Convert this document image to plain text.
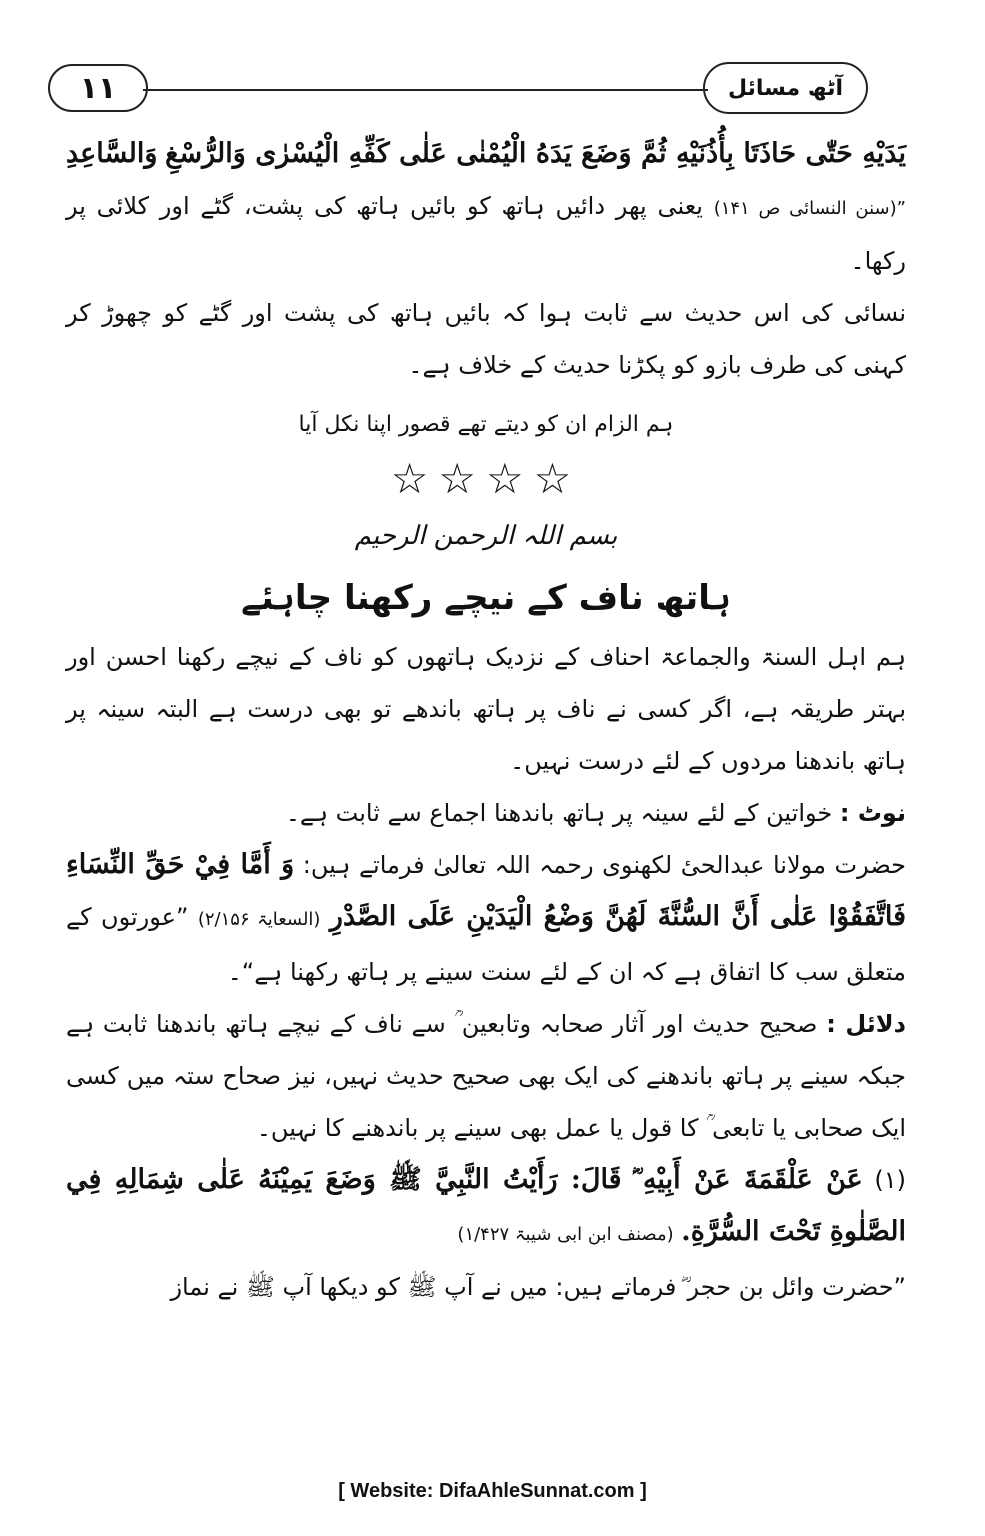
١١	آٹھ مسائل

يَدَيْهِ حَتّٰى حَاذَتَا بِأُذُنَيْهِ ثُمَّ وَضَعَ يَدَهُ الْيُمْنٰى عَلٰى كَفِّهِ الْيُسْرٰى وَالرُّسْغِ وَالسَّاعِدِ ”(سنن النسائی ص ۱۴۱) یعنی پھر دائیں ہاتھ کو بائیں ہاتھ کی پشت، گٹے اور کلائی پر رکھا۔

نسائی کی اس حدیث سے ثابت ہوا کہ بائیں ہاتھ کی پشت اور گٹے کو چھوڑ کر کہنی کی طرف بازو کو پکڑنا حدیث کے خلاف ہے۔

ہم الزام ان کو دیتے تھے قصور اپنا نکل آیا
☆☆☆☆
بسم اللہ الرحمن الرحیم
ہاتھ ناف کے نیچے رکھنا چاہئے

ہم اہل السنۃ والجماعۃ احناف کے نزدیک ہاتھوں کو ناف کے نیچے رکھنا احسن اور بہتر طریقہ ہے، اگر کسی نے ناف پر ہاتھ باندھے تو بھی درست ہے البتہ سینہ پر ہاتھ باندھنا مردوں کے لئے درست نہیں۔

نوٹ : خواتین کے لئے سینہ پر ہاتھ باندھنا اجماع سے ثابت ہے۔

حضرت مولانا عبدالحیٔ لکھنوی رحمہ اللہ تعالیٰ فرماتے ہیں: وَ أَمَّا فِيْ حَقِّ النِّسَاءِ فَاتَّفَقُوْا عَلٰى أَنَّ السُّنَّةَ لَهُنَّ وَضْعُ الْيَدَيْنِ عَلَى الصَّدْرِ (السعایۃ ۲/۱۵۶) ”عورتوں کے متعلق سب کا اتفاق ہے کہ ان کے لئے سنت سینے پر ہاتھ رکھنا ہے“۔

دلائل : صحیح حدیث اور آثار صحابہ وتابعین ؒ سے ناف کے نیچے ہاتھ باندھنا ثابت ہے جبکہ سینے پر ہاتھ باندھنے کی ایک بھی صحیح حدیث نہیں، نیز صحاح ستہ میں کسی ایک صحابی یا تابعی ؒ کا قول یا عمل بھی سینے پر باندھنے کا نہیں۔

(۱) عَنْ عَلْقَمَةَ عَنْ أَبِيْهِ ؓ قَالَ: رَأَيْتُ النَّبِيَّ ﷺ وَضَعَ يَمِيْنَهُ عَلٰى شِمَالِهِ فِي الصَّلٰوةِ تَحْتَ السُّرَّةِ. (مصنف ابن ابی شیبۃ ۱/۴۲۷)

”حضرت وائل بن حجر ؓ فرماتے ہیں: میں نے آپ ﷺ کو دیکھا آپ ﷺ نے نماز

[ Website: DifaAhleSunnat.com ]
